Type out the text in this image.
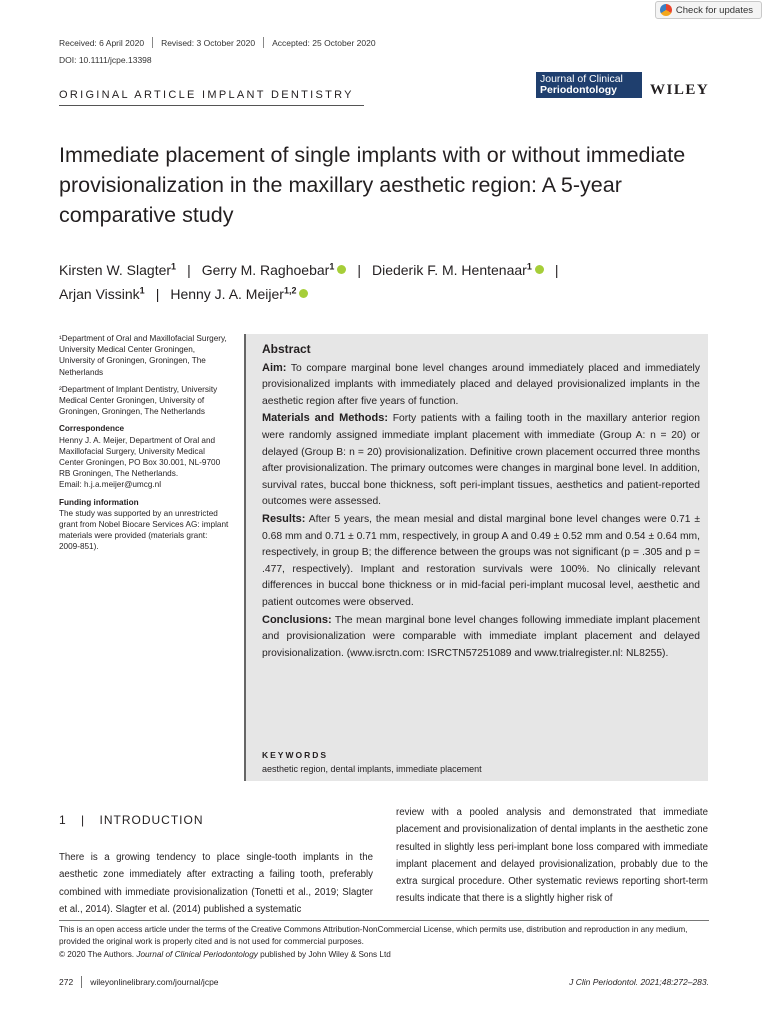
Check for updates
Received: 6 April 2020 Revised: 3 October 2020 Accepted: 25 October 2020
DOI: 10.1111/jcpe.13398
ORIGINAL ARTICLE IMPLANT DENTISTRY
Journal of Clinical
Periodontology	WILEY
Immediate placement of single implants with or without immediate provisionalization in the maxillary aesthetic region: A 5-year comparative study
Kirsten W. Slagter$^1$ | Gerry M. Raghoebar$^1$ | Diederik F. M. Hentenaar$^1$ |
Arjan Vissink$^1$ | Henny J. A. Meijer$^{1,2}$

¹Department of Oral and Maxillofacial Surgery, University Medical Center Groningen, University of Groningen, Groningen, The Netherlands

²Department of Implant Dentistry, University Medical Center Groningen, University of Groningen, Groningen, The Netherlands

Correspondence

Henny J. A. Meijer, Department of Oral and Maxillofacial Surgery, University Medical Center Groningen, PO Box 30.001, NL-9700 RB Groningen, The Netherlands.

Email: h.j.a.meijer@umcg.nl

Funding information

The study was supported by an unrestricted grant from Nobel Biocare Services AG: implant materials were provided (materials grant: 2009-851).

Abstract

Aim: To compare marginal bone level changes around immediately placed and immediately provisionalized implants with immediately placed and delayed provisionalized implants in the aesthetic region after five years of function.

Materials and Methods: Forty patients with a failing tooth in the maxillary anterior region were randomly assigned immediate implant placement with immediate (Group A: n = 20) or delayed (Group B: n = 20) provisionalization. Definitive crown placement occurred three months after provisionalization. The primary outcomes were changes in marginal bone level. In addition, survival rates, buccal bone thickness, soft peri-implant tissues, aesthetics and patient-reported outcomes were assessed.

Results: After 5 years, the mean mesial and distal marginal bone level changes were 0.71 ± 0.68 mm and 0.71 ± 0.71 mm, respectively, in group A and 0.49 ± 0.52 mm and 0.54 ± 0.64 mm, respectively, in group B; the difference between the groups was not significant (p = .305 and p = .477, respectively). Implant and restoration survivals were 100%. No clinically relevant differences in buccal bone thickness or in mid-facial peri-implant mucosal level, aesthetic and patient outcomes were observed.

Conclusions: The mean marginal bone level changes following immediate implant placement and provisionalization were comparable with immediate implant placement and delayed provisionalization. (www.isrctn.com: ISRCTN57251089 and www.trialregister.nl: NL8255).

KEYWORDS
aesthetic region, dental implants, immediate placement
1 | INTRODUCTION
There is a growing tendency to place single-tooth implants in the aesthetic zone immediately after extracting a failing tooth, preferably combined with immediate provisionalization (Tonetti et al., 2019; Slagter et al., 2014). Slagter et al. (2014) published a systematic
review with a pooled analysis and demonstrated that immediate placement and provisionalization of dental implants in the aesthetic zone resulted in slightly less peri-implant bone loss compared with immediate implant placement and delayed provisionalization, probably due to the extra surgical procedure. Other systematic reviews reporting short-term results indicate that there is a slightly higher risk of
This is an open access article under the terms of the Creative Commons Attribution-NonCommercial License, which permits use, distribution and reproduction in any medium, provided the original work is properly cited and is not used for commercial purposes.
© 2020 The Authors. Journal of Clinical Periodontology published by John Wiley & Sons Ltd
272 wileyonlinelibrary.com/journal/jcpe	J Clin Periodontol. 2021;48:272–283.
